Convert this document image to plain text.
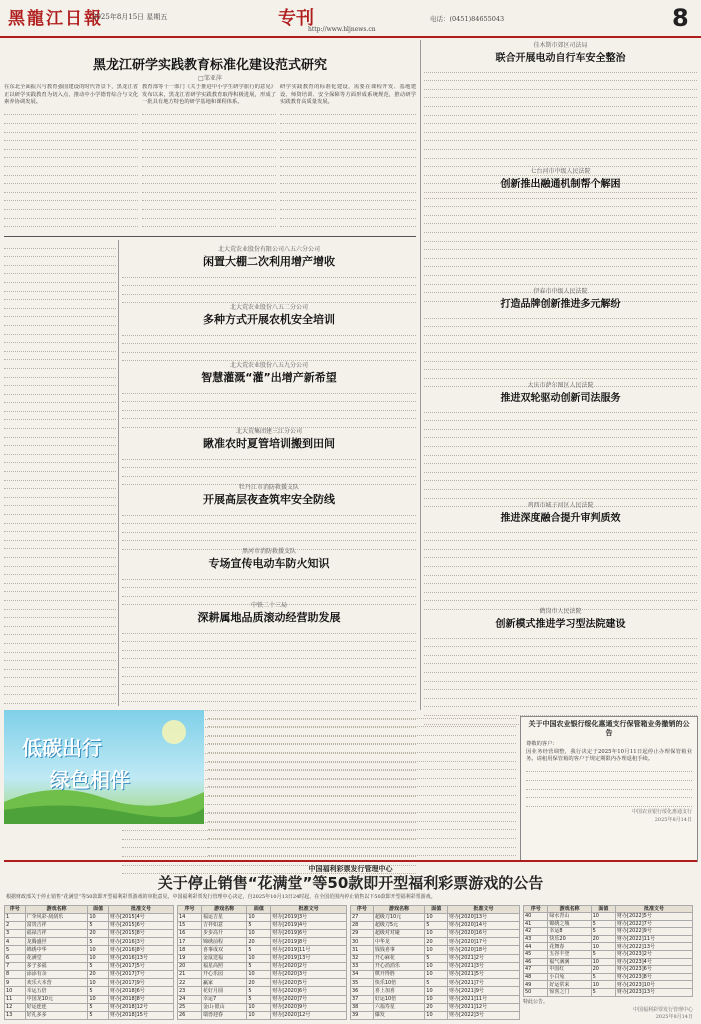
黑龍江日報
2025年8月15日 星期五	专刊
http://www.hljnews.cn
电话：(0451)84655043	8
黑龙江研学实践教育标准化建设范式研究
□邹亚萍
在东北全面振兴与教育强国建设的时代背景下，黑龙江省正以研学实践教育为切入点，推动中小学德育综合与文化素养协调发展。
教育部等十一部门《关于推进中小学生研学旅行的意见》发布以来，黑龙江省研学实践教育取得积极进展，形成了一批具有地方特色的研学基地和课程体系。
研学实践教育的标准化建设，需要在课程开发、基地建设、师资培训、安全保障等方面形成系统规范，推动研学实践教育高质量发展。
北大荒农业股份有限公司八五六分公司
闲置大棚二次利用增产增收
北大荒农业股份八五二分公司
多种方式开展农机安全培训
北大荒农业股份八五九分公司
智慧灌溉“灌”出增产新希望
北大荒集团建三江分公司
瞅准农时夏管培训搬到田间
牡丹江市消防救援支队
开展高层夜查筑牢安全防线
黑河市消防救援支队
专场宣传电动车防火知识
中铁二十三局
深耕属地品质滚动经营助发展
佳木斯市郊区司法局
联合开展电动自行车安全整治
七台河市中级人民法院
创新推出融通机制帮个解困
伊春市中级人民法院
打造品牌创新推进多元解纷
大庆市萨尔图区人民法院
推进双轮驱动创新司法服务
鸡西市城子河区人民法院
推进深度融合提升审判质效
鹤岗市人民法院
创新模式推进学习型法院建设
低碳出行
绿色相伴
关于中国农业银行绥化惠通支行保管箱业务撤销的公告
尊敬的客户：
因业务经营调整，我行决定于2025年10月11日起停止办理保管箱业务。请租用保管箱的客户于规定期限内办理退租手续。
中国农业银行绥化惠通支行
2025年8月14日
中国福利彩票发行管理中心
关于停止销售“花满堂”等50款即开型福利彩票游戏的公告
根据财政部关于停止销售“花满堂”等50款即开型福利彩票游戏的审批意见，中国福利彩票发行管理中心决定，自2025年10月13日24时起，在全国范围内停止销售以下50款即开型福利彩票游戏。
序号	游戏名称	面值	批准文号
1	广伞风彩·刮刮乐	10	财办[2015]4号
2	富贵吉祥	5	财办[2015]6号
3	福禄吉祥	20	财办[2015]8号
4	龙腾盛世	5	财办[2016]3号
5	锦绣中华	10	财办[2016]8号
6	花满堂	10	财办[2016]13号
7	多子多福	5	财办[2017]5号
8	添添有余	20	财办[2017]7号
9	欢乐大本营	10	财办[2017]9号
10	幸运五倍	5	财办[2018]6号
11	中国龙10元	10	财办[2018]8号
12	好运连连	5	财办[2018]12号
13	好礼多多	5	财办[2018]15号
序号	游戏名称	面值	批准文号
14	福运吉星	10	财办[2019]3号
15	吉祥如意	5	财办[2019]4号
16	步步高升	10	财办[2019]6号
17	锦绣前程	20	财办[2019]8号
18	喜事成双	5	财办[2019]11号
19	金鼠送福	10	财办[2019]13号
20	福星高照	5	财办[2020]2号
21	开心乐园	10	财办[2020]3号
22	赢家	20	财办[2020]5号
23	花好月圆	5	财办[2020]6号
24	幸运7	5	财办[2020]7号
25	金山·银山	10	财办[2020]9号
26	瑞兽迎春	10	财办[2020]12号
序号	游戏名称	面值	批准文号
27	超级刀10元	10	财办[2020]13号
28	超级刀5元	5	财办[2020]14号
29	超级对对碰	10	财办[2020]16号
30	中华龙	20	财办[2020]17号
31	钱钱喜事	10	财办[2020]18号
32	开心麻花	5	财办[2021]2号
33	开心消消乐	10	财办[2021]3号
34	棋开得胜	10	财办[2021]5号
35	快乐10倍	5	财办[2021]7号
36	喜上加喜	10	财办[2021]9号
37	好运10倍	10	财办[2021]11号
38	六福寿星	20	财办[2021]12号
39	爆发	10	财办[2022]3号
序号	游戏名称	面值	批准文号
40	绿水青山	10	财办[2022]5号
41	锦绣之城	5	财办[2022]7号
42	幸运8	5	财办[2022]9号
43	快乐20	20	财办[2022]11号
44	花舞春	10	财办[2022]13号
45	五谷丰登	5	财办[2023]2号
46	福气满满	10	财办[2023]4号
47	中国红	20	财办[2023]6号
48	小白兔	5	财办[2023]8号
49	好运常来	10	财办[2023]10号
50	惊喜之门	5	财办[2023]13号
特此公告。
中国福利彩票发行管理中心
2025年8月14日
